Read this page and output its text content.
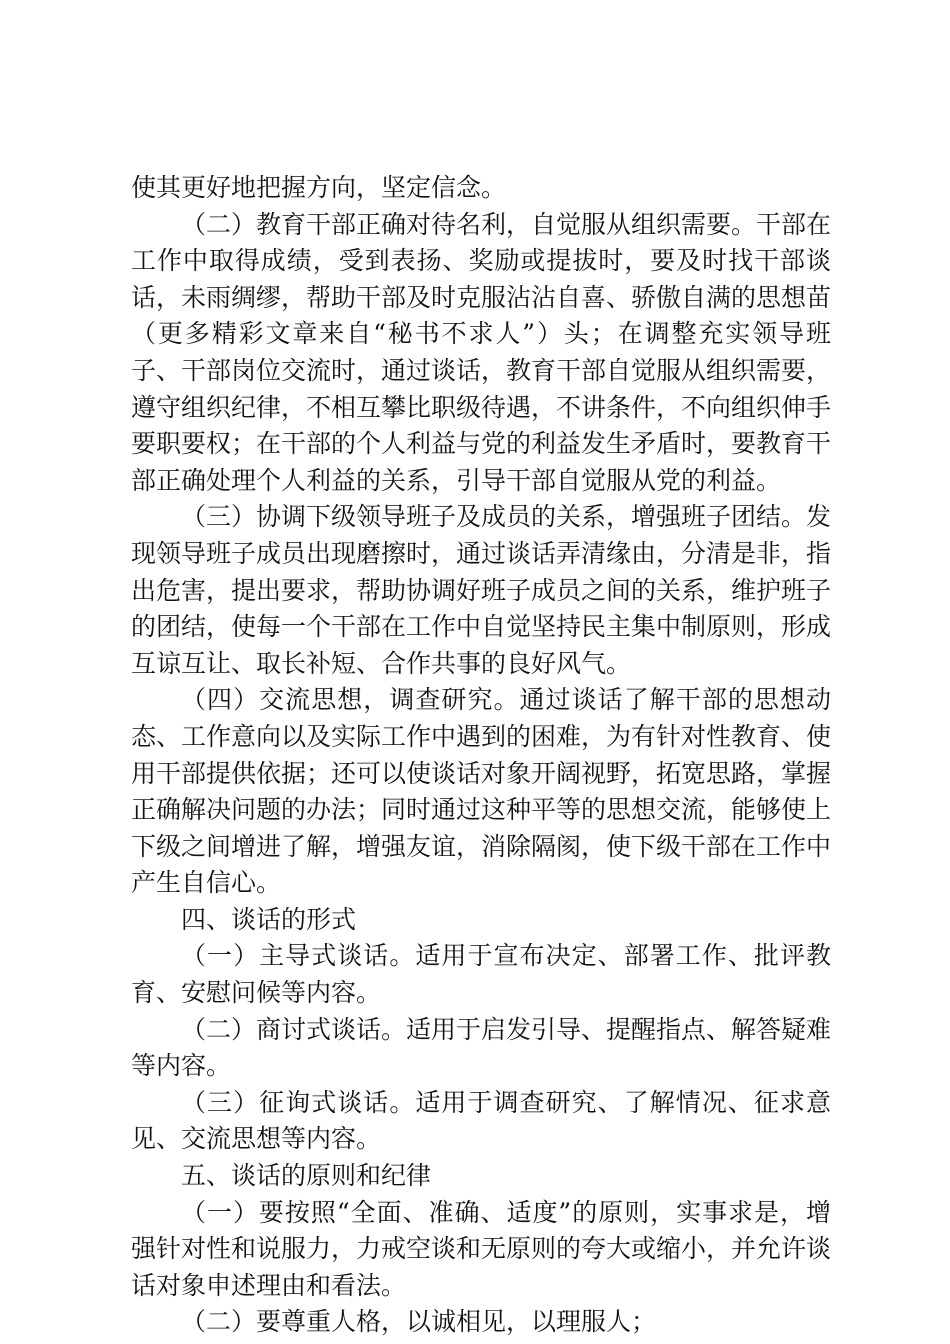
使其更好地把握方向，坚定信念。

（二）教育干部正确对待名利，自觉服从组织需要。干部在工作中取得成绩，受到表扬、奖励或提拔时，要及时找干部谈话，未雨绸缪，帮助干部及时克服沾沾自喜、骄傲自满的思想苗（更多精彩文章来自“秘书不求人”）头；在调整充实领导班子、干部岗位交流时，通过谈话，教育干部自觉服从组织需要，遵守组织纪律，不相互攀比职级待遇，不讲条件，不向组织伸手要职要权；在干部的个人利益与党的利益发生矛盾时，要教育干部正确处理个人利益的关系，引导干部自觉服从党的利益。

（三）协调下级领导班子及成员的关系，增强班子团结。发现领导班子成员出现磨擦时，通过谈话弄清缘由，分清是非，指出危害，提出要求，帮助协调好班子成员之间的关系，维护班子的团结，使每一个干部在工作中自觉坚持民主集中制原则，形成互谅互让、取长补短、合作共事的良好风气。

（四）交流思想，调查研究。通过谈话了解干部的思想动态、工作意向以及实际工作中遇到的困难，为有针对性教育、使用干部提供依据；还可以使谈话对象开阔视野，拓宽思路，掌握正确解决问题的办法；同时通过这种平等的思想交流，能够使上下级之间增进了解，增强友谊，消除隔阂，使下级干部在工作中产生自信心。

四、谈话的形式

（一）主导式谈话。适用于宣布决定、部署工作、批评教育、安慰问候等内容。

（二）商讨式谈话。适用于启发引导、提醒指点、解答疑难等内容。

（三）征询式谈话。适用于调查研究、了解情况、征求意见、交流思想等内容。

五、谈话的原则和纪律

（一）要按照“全面、准确、适度”的原则，实事求是，增强针对性和说服力，力戒空谈和无原则的夸大或缩小，并允许谈话对象申述理由和看法。

（二）要尊重人格，以诚相见，以理服人；
